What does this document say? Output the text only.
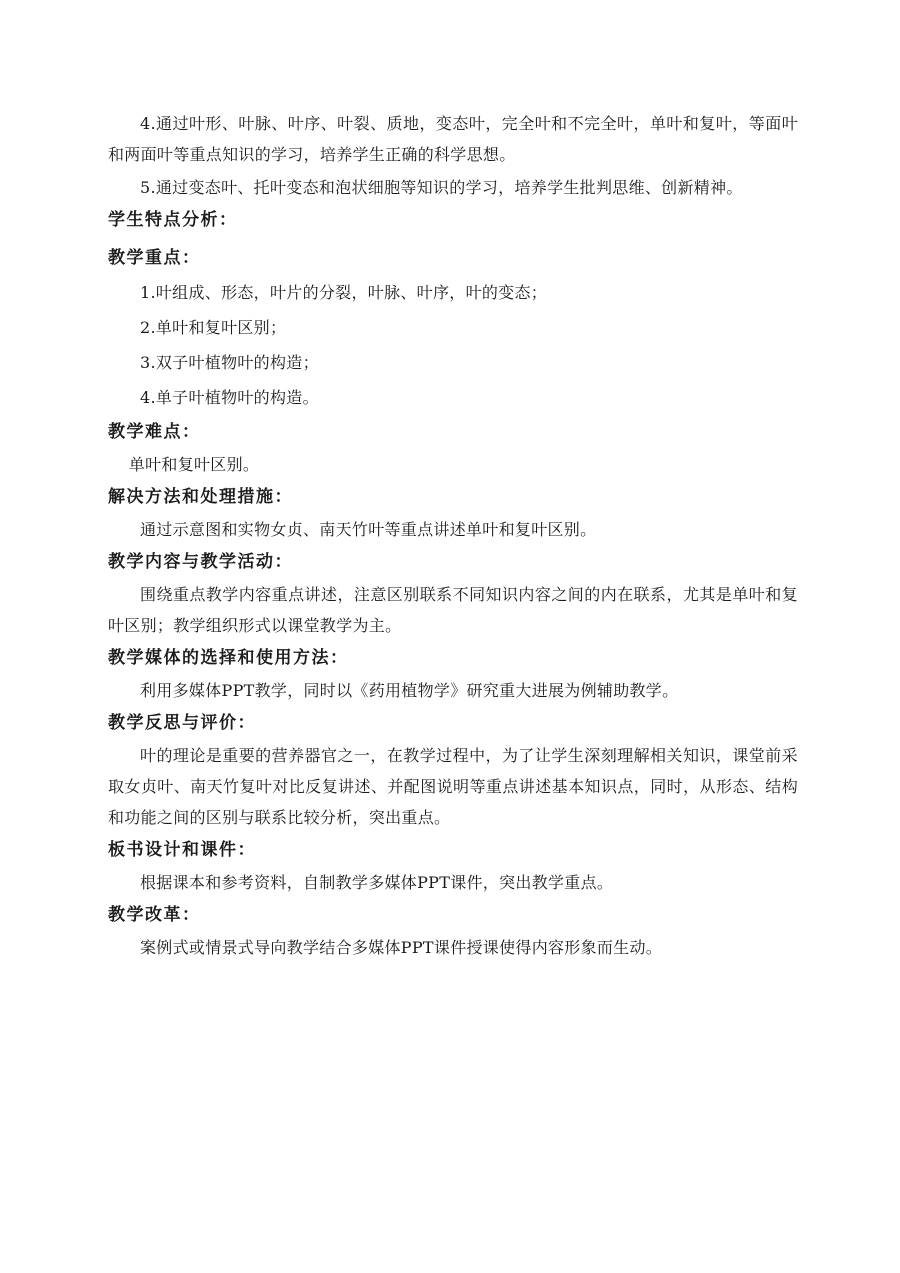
4.通过叶形、叶脉、叶序、叶裂、质地，变态叶，完全叶和不完全叶，单叶和复叶，等面叶和两面叶等重点知识的学习，培养学生正确的科学思想。

5.通过变态叶、托叶变态和泡状细胞等知识的学习，培养学生批判思维、创新精神。

学生特点分析：
教学重点：

1.叶组成、形态，叶片的分裂，叶脉、叶序，叶的变态；

2.单叶和复叶区别；

3.双子叶植物叶的构造；

4.单子叶植物叶的构造。

教学难点：

单叶和复叶区别。

解决方法和处理措施：

通过示意图和实物女贞、南天竹叶等重点讲述单叶和复叶区别。

教学内容与教学活动：

围绕重点教学内容重点讲述，注意区别联系不同知识内容之间的内在联系，尤其是单叶和复叶区别；教学组织形式以课堂教学为主。

教学媒体的选择和使用方法：

利用多媒体PPT教学，同时以《药用植物学》研究重大进展为例辅助教学。

教学反思与评价：

叶的理论是重要的营养器官之一，在教学过程中，为了让学生深刻理解相关知识，课堂前采取女贞叶、南天竹复叶对比反复讲述、并配图说明等重点讲述基本知识点，同时，从形态、结构和功能之间的区别与联系比较分析，突出重点。

板书设计和课件：

根据课本和参考资料，自制教学多媒体PPT课件，突出教学重点。

教学改革：

案例式或情景式导向教学结合多媒体PPT课件授课使得内容形象而生动。
